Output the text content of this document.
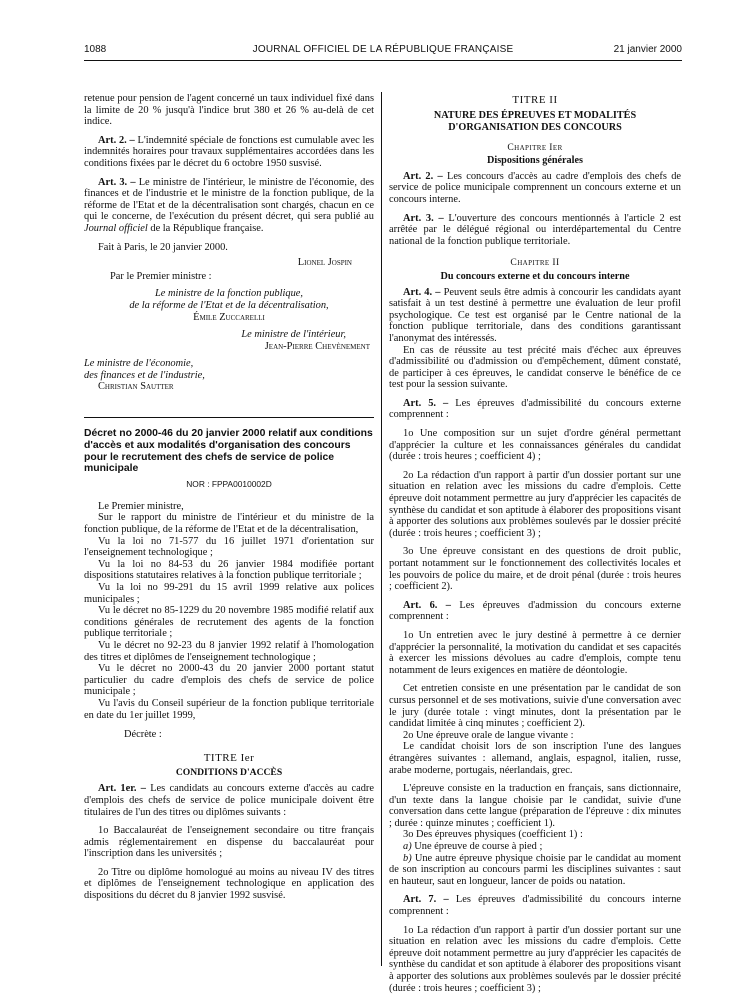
1088	JOURNAL OFFICIEL DE LA RÉPUBLIQUE FRANÇAISE	21 janvier 2000

retenue pour pension de l'agent concerné un taux individuel fixé dans la limite de 20 % jusqu'à l'indice brut 380 et 26 % au-delà de cet indice.

Art. 2. – L'indemnité spéciale de fonctions est cumulable avec les indemnités horaires pour travaux supplémentaires accordées dans les conditions fixées par le décret du 6 octobre 1950 susvisé.

Art. 3. – Le ministre de l'intérieur, le ministre de l'économie, des finances et de l'industrie et le ministre de la fonction publique, de la réforme de l'Etat et de la décentralisation sont chargés, chacun en ce qui le concerne, de l'exécution du présent décret, qui sera publié au Journal officiel de la République française.

Fait à Paris, le 20 janvier 2000.

Lionel Jospin

Par le Premier ministre :

Le ministre de la fonction publique,

de la réforme de l'Etat et de la décentralisation,

Émile Zuccarelli

Le ministre de l'intérieur,

Jean-Pierre Chevènement

Le ministre de l'économie,

des finances et de l'industrie,

Christian Sautter

Décret no 2000-46 du 20 janvier 2000 relatif aux conditions d'accès et aux modalités d'organisation des concours pour le recrutement des chefs de service de police municipale

NOR : FPPA0010002D

Le Premier ministre,

Sur le rapport du ministre de l'intérieur et du ministre de la fonction publique, de la réforme de l'Etat et de la décentralisation,

Vu la loi no 71-577 du 16 juillet 1971 d'orientation sur l'enseignement technologique ;

Vu la loi no 84-53 du 26 janvier 1984 modifiée portant dispositions statutaires relatives à la fonction publique territoriale ;

Vu la loi no 99-291 du 15 avril 1999 relative aux polices municipales ;

Vu le décret no 85-1229 du 20 novembre 1985 modifié relatif aux conditions générales de recrutement des agents de la fonction publique territoriale ;

Vu le décret no 92-23 du 8 janvier 1992 relatif à l'homologation des titres et diplômes de l'enseignement technologique ;

Vu le décret no 2000-43 du 20 janvier 2000 portant statut particulier du cadre d'emplois des chefs de service de police municipale ;

Vu l'avis du Conseil supérieur de la fonction publique territoriale en date du 1er juillet 1999,

Décrète :

TITRE Ier
CONDITIONS D'ACCÈS

Art. 1er. – Les candidats au concours externe d'accès au cadre d'emplois des chefs de service de police municipale doivent être titulaires de l'un des titres ou diplômes suivants :

1o Baccalauréat de l'enseignement secondaire ou titre français admis réglementairement en dispense du baccalauréat pour l'inscription dans les universités ;

2o Titre ou diplôme homologué au moins au niveau IV des titres et diplômes de l'enseignement technologique en application des dispositions du décret du 8 janvier 1992 susvisé.

TITRE II
NATURE DES ÉPREUVES ET MODALITÉS
D'ORGANISATION DES CONCOURS
Chapitre Ier
Dispositions générales

Art. 2. – Les concours d'accès au cadre d'emplois des chefs de service de police municipale comprennent un concours externe et un concours interne.

Art. 3. – L'ouverture des concours mentionnés à l'article 2 est arrêtée par le délégué régional ou interdépartemental du Centre national de la fonction publique territoriale.

Chapitre II
Du concours externe et du concours interne

Art. 4. – Peuvent seuls être admis à concourir les candidats ayant satisfait à un test destiné à permettre une évaluation de leur profil psychologique. Ce test est organisé par le Centre national de la fonction publique territoriale, dans des conditions garantissant l'anonymat des intéressés.

En cas de réussite au test précité mais d'échec aux épreuves d'admissibilité ou d'admission ou d'empêchement, dûment constaté, de participer à ces épreuves, le candidat conserve le bénéfice de ce test pour la session suivante.

Art. 5. – Les épreuves d'admissibilité du concours externe comprennent :

1o Une composition sur un sujet d'ordre général permettant d'apprécier la culture et les connaissances générales du candidat (durée : trois heures ; coefficient 4) ;

2o La rédaction d'un rapport à partir d'un dossier portant sur une situation en relation avec les missions du cadre d'emplois. Cette épreuve doit notamment permettre au jury d'apprécier les capacités de synthèse du candidat et son aptitude à élaborer des propositions visant à apporter des solutions aux problèmes soulevés par le dossier précité (durée : trois heures ; coefficient 3) ;

3o Une épreuve consistant en des questions de droit public, portant notamment sur le fonctionnement des collectivités locales et les pouvoirs de police du maire, et de droit pénal (durée : trois heures ; coefficient 2).

Art. 6. – Les épreuves d'admission du concours externe comprennent :

1o Un entretien avec le jury destiné à permettre à ce dernier d'apprécier la personnalité, la motivation du candidat et ses capacités à exercer les missions dévolues au cadre d'emplois, compte tenu notamment de leurs exigences en matière de déontologie.

Cet entretien consiste en une présentation par le candidat de son cursus personnel et de ses motivations, suivie d'une conversation avec le jury (durée totale : vingt minutes, dont la présentation par le candidat limitée à cinq minutes ; coefficient 2).

2o Une épreuve orale de langue vivante :

Le candidat choisit lors de son inscription l'une des langues étrangères suivantes : allemand, anglais, espagnol, italien, russe, arabe moderne, portugais, néerlandais, grec.

L'épreuve consiste en la traduction en français, sans dictionnaire, d'un texte dans la langue choisie par le candidat, suivie d'une conversation dans cette langue (préparation de l'épreuve : dix minutes ; durée : quinze minutes ; coefficient 1).

3o Des épreuves physiques (coefficient 1) :

a) Une épreuve de course à pied ;

b) Une autre épreuve physique choisie par le candidat au moment de son inscription au concours parmi les disciplines suivantes : saut en hauteur, saut en longueur, lancer de poids ou natation.

Art. 7. – Les épreuves d'admissibilité du concours interne comprennent :

1o La rédaction d'un rapport à partir d'un dossier portant sur une situation en relation avec les missions du cadre d'emplois. Cette épreuve doit notamment permettre au jury d'apprécier les capacités de synthèse du candidat et son aptitude à élaborer des propositions visant à apporter des solutions aux problèmes soulevés par le dossier précité (durée : trois heures ; coefficient 3) ;
